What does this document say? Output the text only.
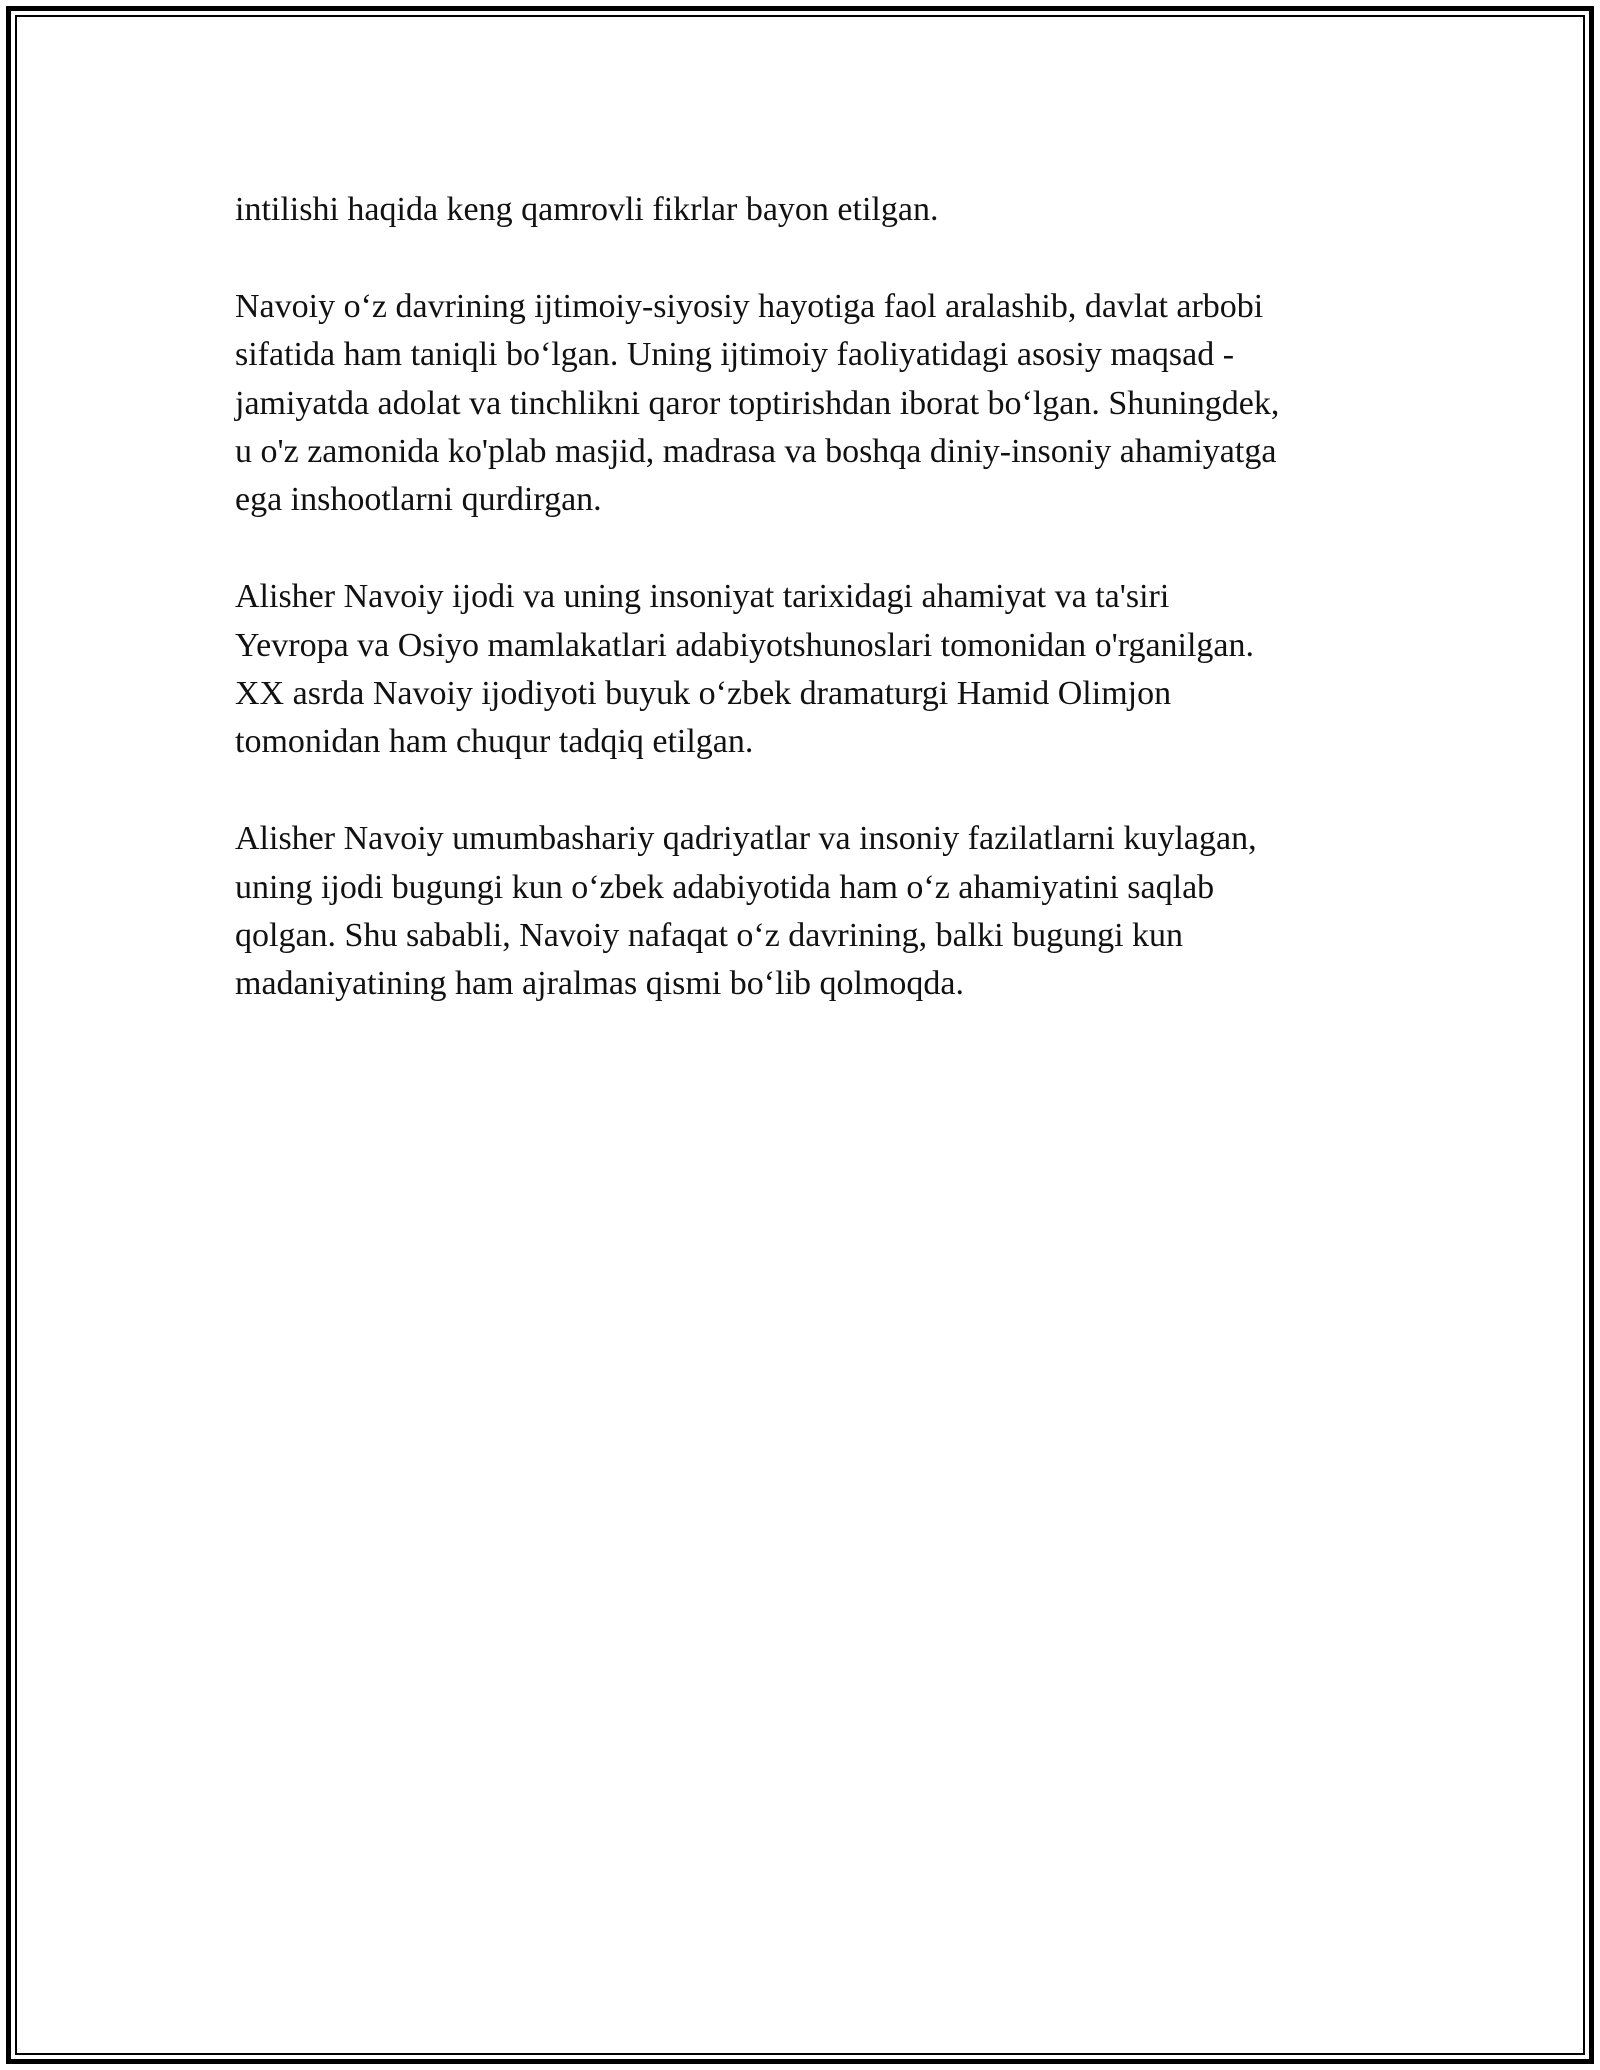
intilishi haqida keng qamrovli fikrlar bayon etilgan.

Navoiy o‘z davrining ijtimoiy-siyosiy hayotiga faol aralashib, davlat arbobi
sifatida ham taniqli bo‘lgan. Uning ijtimoiy faoliyatidagi asosiy maqsad -
jamiyatda adolat va tinchlikni qaror toptirishdan iborat bo‘lgan. Shuningdek,
u o'z zamonida ko'plab masjid, madrasa va boshqa diniy-insoniy ahamiyatga
ega inshootlarni qurdirgan.

Alisher Navoiy ijodi va uning insoniyat tarixidagi ahamiyat va ta'siri
Yevropa va Osiyo mamlakatlari adabiyotshunoslari tomonidan o'rganilgan.
XX asrda Navoiy ijodiyoti buyuk o‘zbek dramaturgi Hamid Olimjon
tomonidan ham chuqur tadqiq etilgan.

Alisher Navoiy umumbashariy qadriyatlar va insoniy fazilatlarni kuylagan,
uning ijodi bugungi kun o‘zbek adabiyotida ham o‘z ahamiyatini saqlab
qolgan. Shu sababli, Navoiy nafaqat o‘z davrining, balki bugungi kun
madaniyatining ham ajralmas qismi bo‘lib qolmoqda.
